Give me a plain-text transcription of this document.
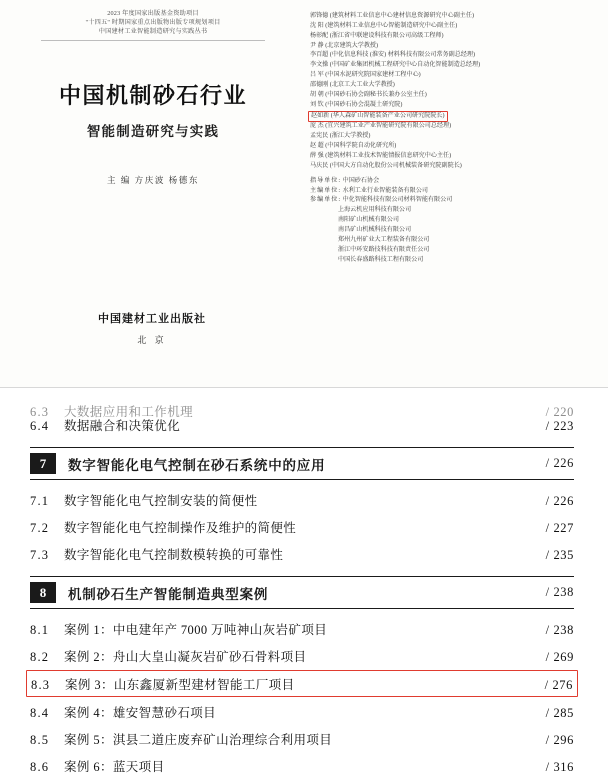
2023 年度国家出版基金资助项目
"十四五" 时期国家重点出版物出版专项规划项目
中国建材工业智能制造研究与实践丛书
中国机制砂石行业
智能制造研究与实践
主 编 方庆波 杨德东
中国建材工业出版社
北 京
郭锋德 (建筑材料工业信息中心建材信息资源研究中心副主任)
沈 阳 (建筑材料工业信息中心智能制造研究中心副主任)
杨彰配 (浙江省中联建设科技有限公司高级工程师)
尹 静 (北京建筑大学教授)
李百超 (中化信息科技 (淮安) 材料科技有限公司常务副总经理)
李文操 (中国矿业集团机械工程研究中心自动化智能制造总经理)
吕 军 (中国水泥研究院国家建材工程中心)
邵德刚 (北京工大工业大学教授)
胡 朝 (中国砂石协会副秘书长兼办公室主任)
刘 钦 (中国砂石协会混凝土研究院)
赵如新 (华人森矿山智能装备产业公司研究院院长)
庞 杰 (宜兴建筑工业产业智能研究院有限公司总经理)
孟宪民 (浙江大学教授)
赵 超 (中国科学院自动化研究所)
薛 强 (建筑材料工业技术智能情报信息研究中心主任)
马庆民 (中国大方自动化股份公司机械装备研究院副院长)
指导单位: 中国砂石协会
主编单位: 水利工业行业智能装备有限公司
参编单位: 中化智能科技有限公司材料智能有限公司
上海云机应用科技有限公司
南阳矿山机械有限公司
南昌矿山机械科技有限公司
郑州九州矿业大工程装备有限公司
浙江中环安路技科技有限责任公司
中国长春盛路科技工程有限公司
6.3	大数据应用和工作机理	/ 220
6.4	数据融合和决策优化	/ 223
7	数字智能化电气控制在砂石系统中的应用	/ 226
7.1	数字智能化电气控制安装的简便性	/ 226
7.2	数字智能化电气控制操作及维护的简便性	/ 227
7.3	数字智能化电气控制数模转换的可靠性	/ 235
8	机制砂石生产智能制造典型案例	/ 238
8.1	案例 1：中电建年产 7000 万吨神山灰岩矿项目	/ 238
8.2	案例 2：舟山大皇山凝灰岩矿砂石骨料项目	/ 269
8.3	案例 3：山东鑫厦新型建材智能工厂项目	/ 276
8.4	案例 4：雄安智慧砂石项目	/ 285
8.5	案例 5：淇县二道庄废弃矿山治理综合利用项目	/ 296
8.6	案例 6：蓝天项目	/ 316
